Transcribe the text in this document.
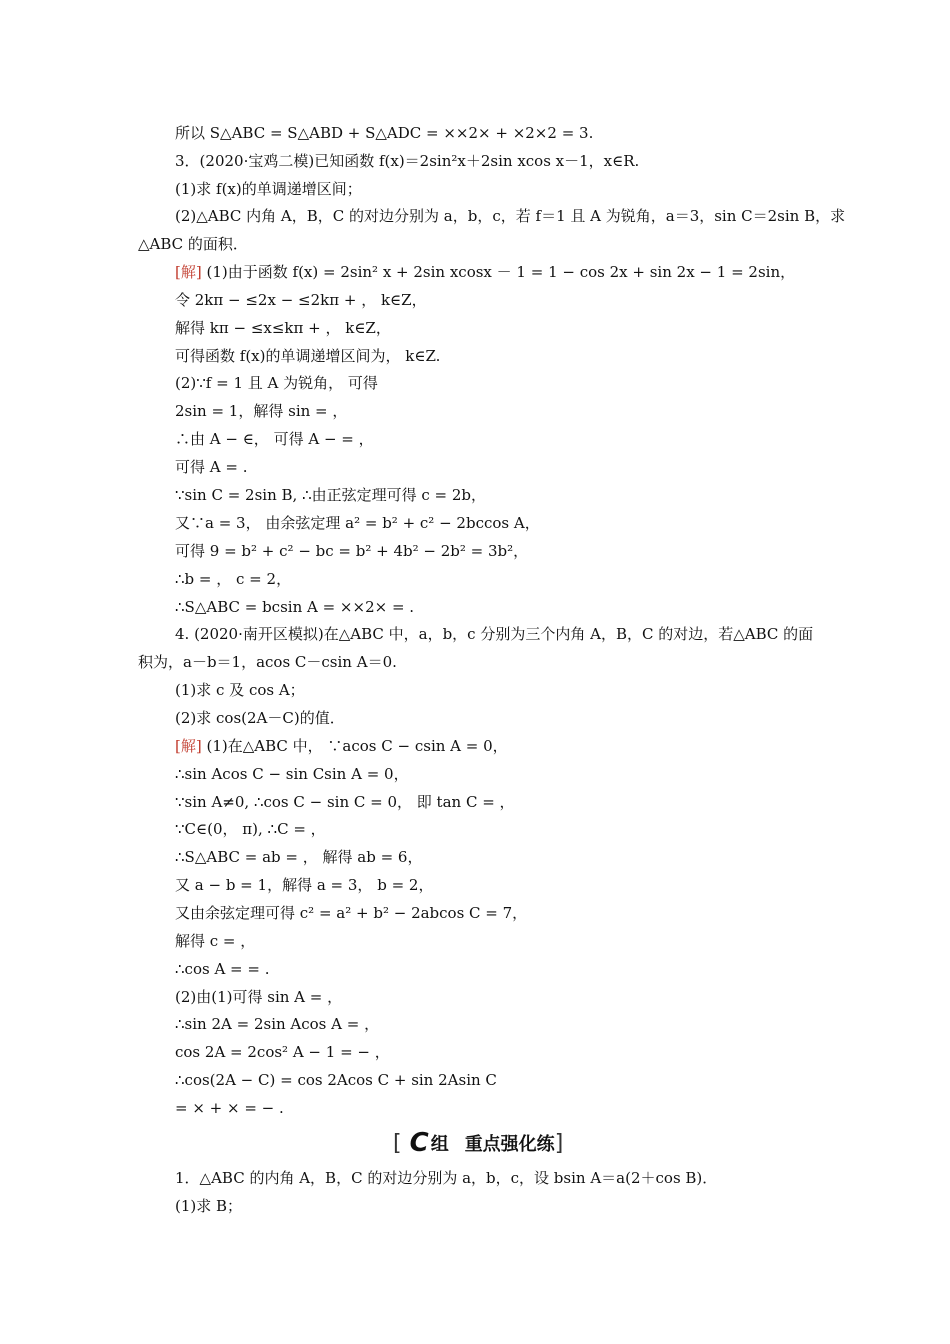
所以 S△ABC = S△ABD + S△ADC = ××2× + ×2×2 = 3.
3．(2020·宝鸡二模)已知函数 f(x)＝2sin²x＋2sin xcos x－1，x∈R.
(1)求 f(x)的单调递增区间；
(2)△ABC 内角 A，B，C 的对边分别为 a，b，c，若 f＝1 且 A 为锐角，a＝3，sin C＝2sin B，求
△ABC 的面积．
[解] (1)由于函数 f(x) = 2sin² x + 2sin xcosx － 1 = 1 − cos 2x + sin 2x − 1 = 2sin，
令 2kπ − ≤2x − ≤2kπ + ， k∈Z，
解得 kπ − ≤x≤kπ + ， k∈Z，
可得函数 f(x)的单调递增区间为， k∈Z.
(2)∵f = 1 且 A 为锐角， 可得
2sin = 1，解得 sin = ，
∴由 A − ∈， 可得 A − = ，
可得 A = .
∵sin C = 2sin B, ∴由正弦定理可得 c = 2b，
又∵a = 3， 由余弦定理 a² = b² + c² − 2bccos A，
可得 9 = b² + c² − bc = b² + 4b² − 2b² = 3b²，
∴b = ， c = 2，
∴S△ABC = bcsin A = ××2× = .
4. (2020·南开区模拟)在△ABC 中，a，b，c 分别为三个内角 A，B，C 的对边，若△ABC 的面
积为，a－b＝1，acos C－csin A＝0.
(1)求 c 及 cos A；
(2)求 cos(2A－C)的值．
[解] (1)在△ABC 中， ∵acos C − csin A = 0，
∴sin Acos C − sin Csin A = 0，
∵sin A≠0, ∴cos C − sin C = 0， 即 tan C = ，
∵C∈(0， π), ∴C = ，
∴S△ABC = ab = ， 解得 ab = 6，
又 a − b = 1，解得 a = 3， b = 2，
又由余弦定理可得 c² = a² + b² − 2abcos C = 7，
解得 c = ，
∴cos A = = .
(2)由(1)可得 sin A = ，
∴sin 2A = 2sin Acos A = ，
cos 2A = 2cos² A − 1 = − ，
∴cos(2A − C) = cos 2Acos C + sin 2Asin C
= × + × = − .
[ C 组 重点强化练 ]
1．△ABC 的内角 A，B，C 的对边分别为 a，b，c，设 bsin A＝a(2＋cos B)．
(1)求 B；
